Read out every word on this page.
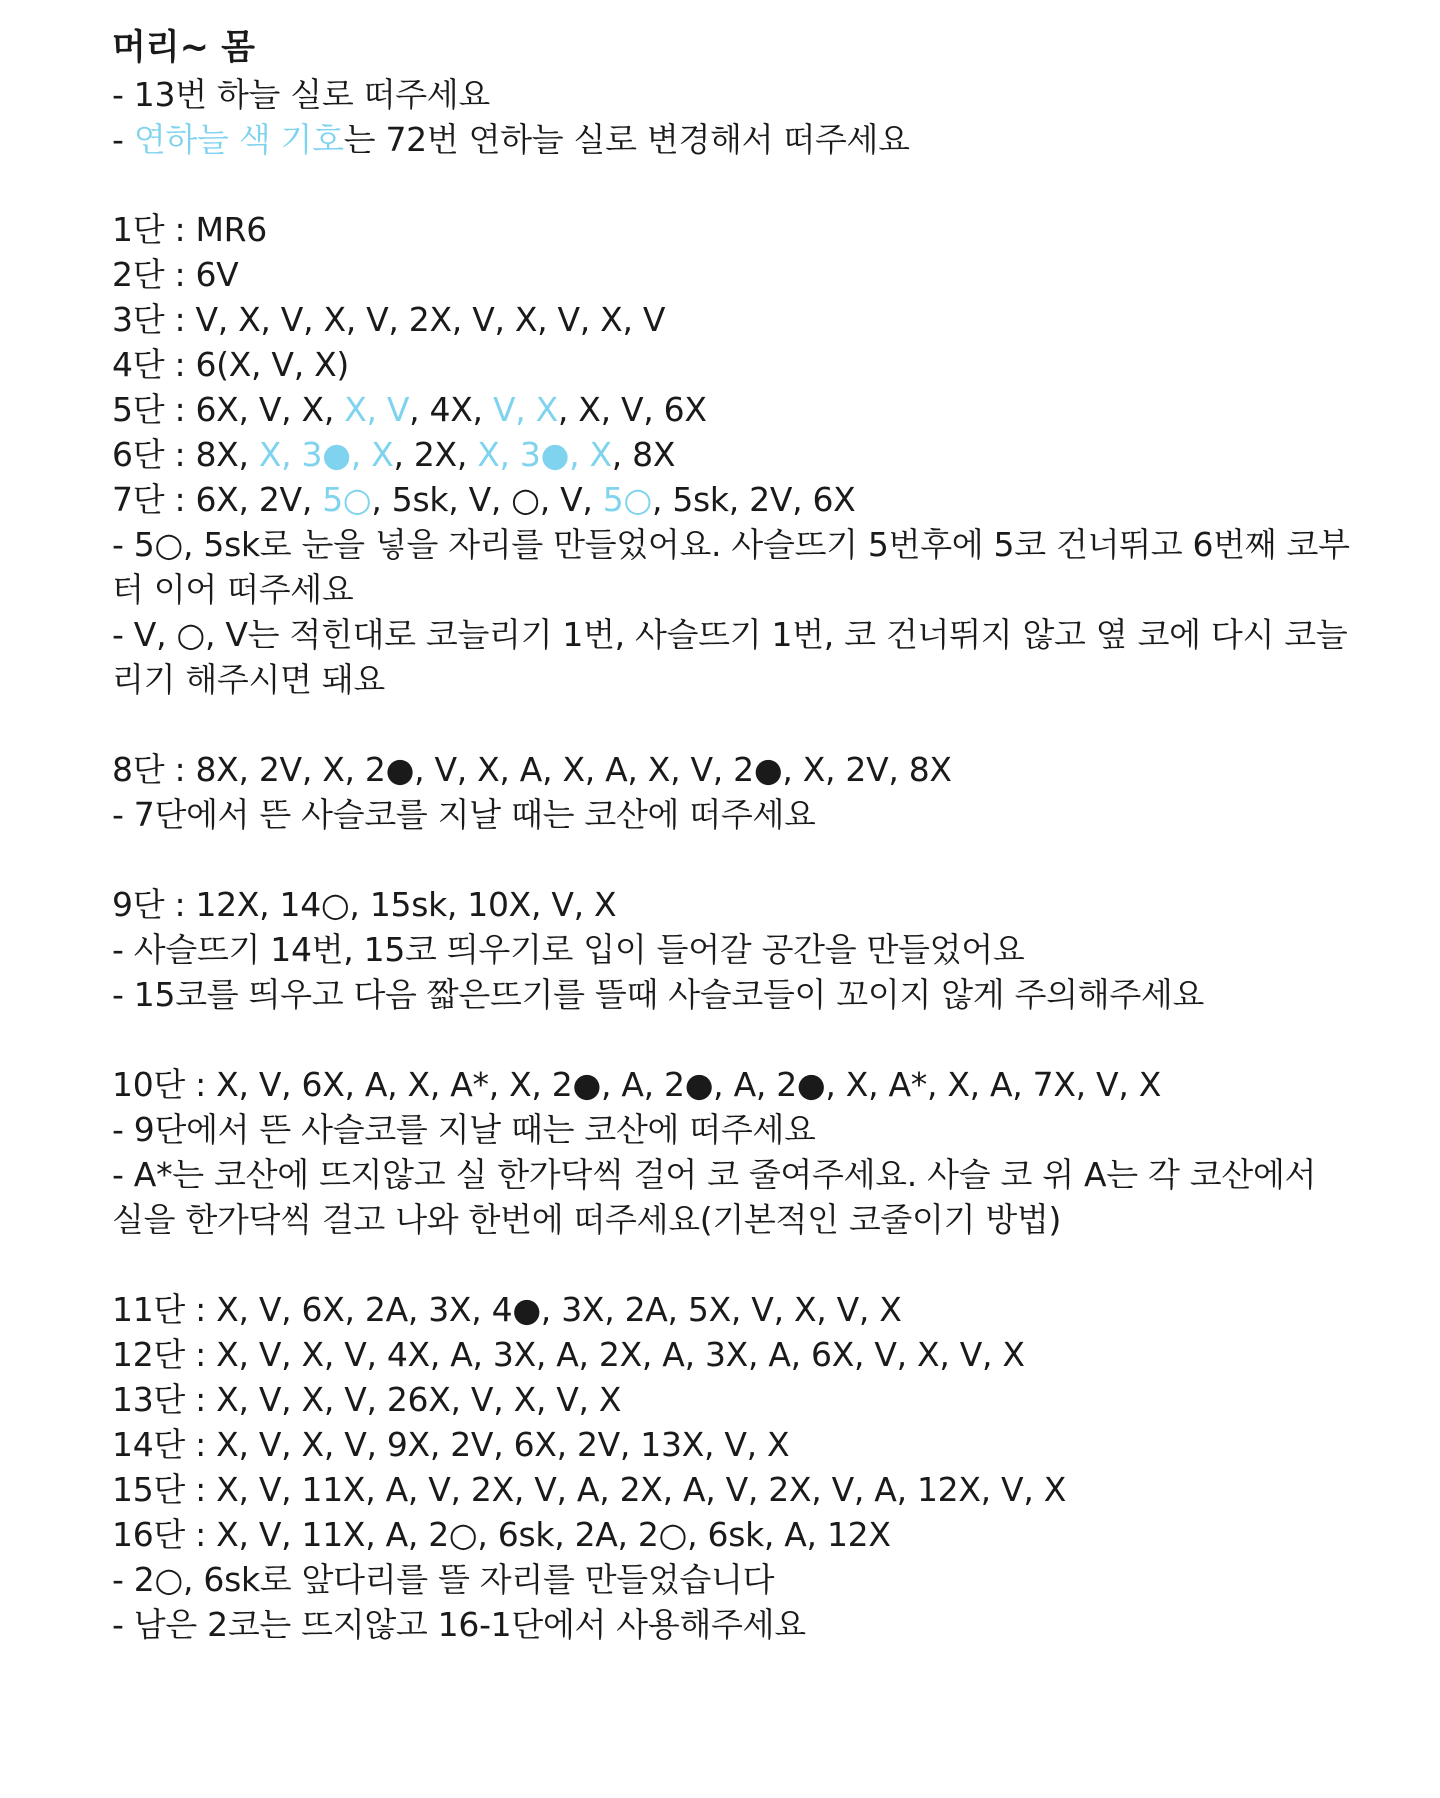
머리~ 몸
- 13번 하늘 실로 떠주세요
- 연하늘 색 기호는 72번 연하늘 실로 변경해서 떠주세요
1단 : MR6
2단 : 6V
3단 : V, X, V, X, V, 2X, V, X, V, X, V
4단 : 6(X, V, X)
5단 : 6X, V, X, X, V, 4X, V, X, X, V, 6X
6단 : 8X, X, 3●, X, 2X, X, 3●, X, 8X
7단 : 6X, 2V, 5○, 5sk, V, ○, V, 5○, 5sk, 2V, 6X
- 5○, 5sk로 눈을 넣을 자리를 만들었어요. 사슬뜨기 5번후에 5코 건너뛰고 6번째 코부
터 이어 떠주세요
- V, ○, V는 적힌대로 코늘리기 1번, 사슬뜨기 1번, 코 건너뛰지 않고 옆 코에 다시 코늘
리기 해주시면 돼요
8단 : 8X, 2V, X, 2●, V, X, A, X, A, X, V, 2●, X, 2V, 8X
- 7단에서 뜬 사슬코를 지날 때는 코산에 떠주세요
9단 : 12X, 14○, 15sk, 10X, V, X
- 사슬뜨기 14번, 15코 띄우기로 입이 들어갈 공간을 만들었어요
- 15코를 띄우고 다음 짧은뜨기를 뜰때 사슬코들이 꼬이지 않게 주의해주세요
10단 : X, V, 6X, A, X, A*, X, 2●, A, 2●, A, 2●, X, A*, X, A, 7X, V, X
- 9단에서 뜬 사슬코를 지날 때는 코산에 떠주세요
- A*는 코산에 뜨지않고 실 한가닥씩 걸어 코 줄여주세요. 사슬 코 위 A는 각 코산에서
실을 한가닥씩 걸고 나와 한번에 떠주세요(기본적인 코줄이기 방법)
11단 : X, V, 6X, 2A, 3X, 4●, 3X, 2A, 5X, V, X, V, X
12단 : X, V, X, V, 4X, A, 3X, A, 2X, A, 3X, A, 6X, V, X, V, X
13단 : X, V, X, V, 26X, V, X, V, X
14단 : X, V, X, V, 9X, 2V, 6X, 2V, 13X, V, X
15단 : X, V, 11X, A, V, 2X, V, A, 2X, A, V, 2X, V, A, 12X, V, X
16단 : X, V, 11X, A, 2○, 6sk, 2A, 2○, 6sk, A, 12X
- 2○, 6sk로 앞다리를 뜰 자리를 만들었습니다
- 남은 2코는 뜨지않고 16-1단에서 사용해주세요
